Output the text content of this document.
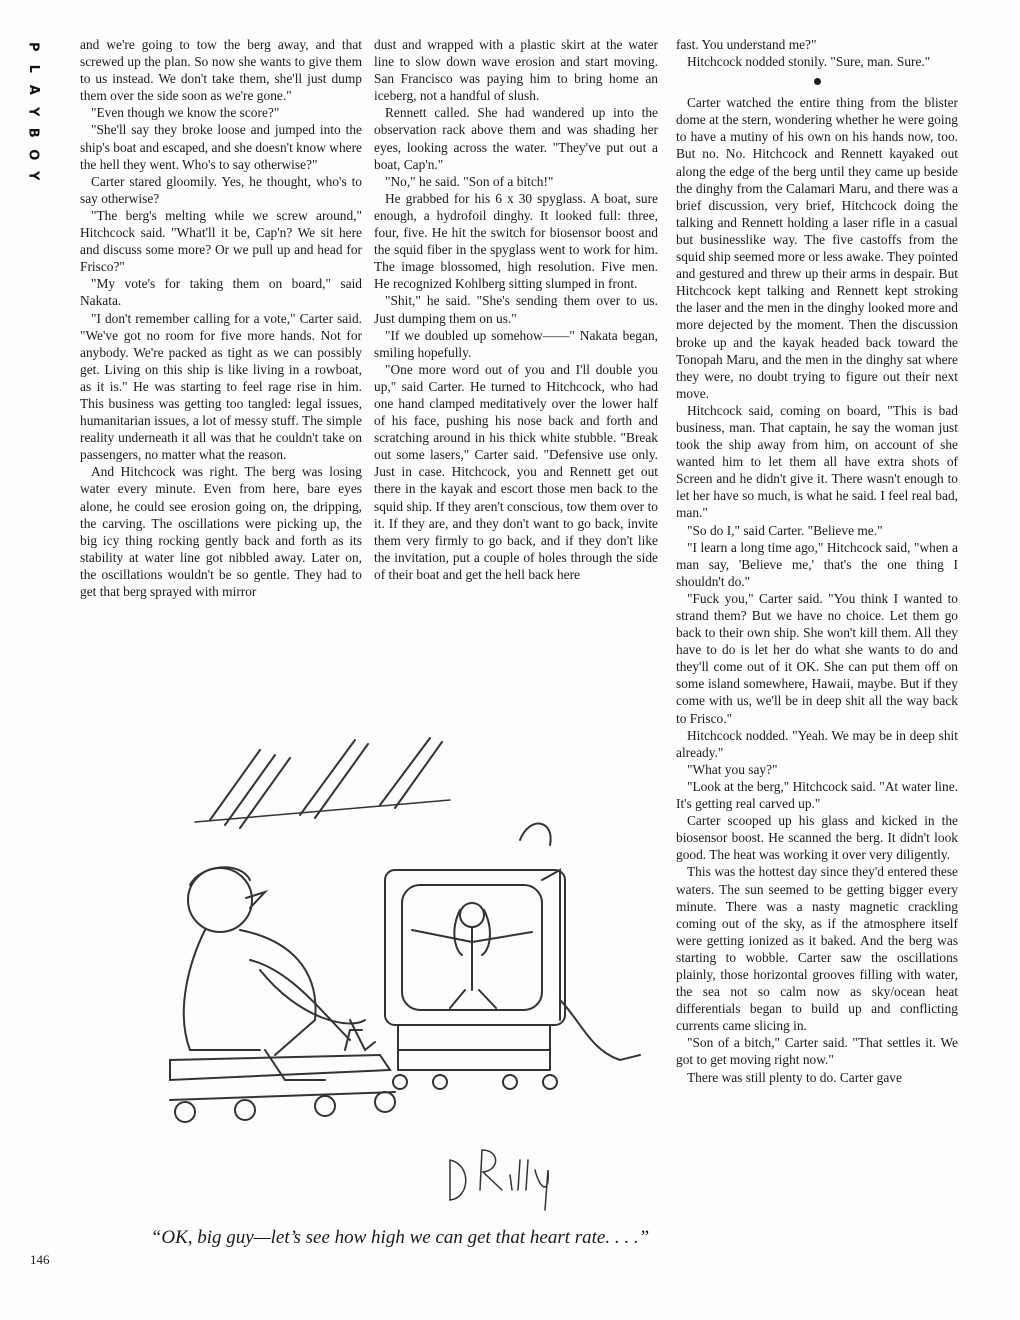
P
L
A
Y
B
O
Y

and we're going to tow the berg away, and that screwed up the plan. So now she wants to give them to us instead. We don't take them, she'll just dump them over the side soon as we're gone."

"Even though we know the score?"

"She'll say they broke loose and jumped into the ship's boat and escaped, and she doesn't know where the hell they went. Who's to say otherwise?"

Carter stared gloomily. Yes, he thought, who's to say otherwise?

"The berg's melting while we screw around," Hitchcock said. "What'll it be, Cap'n? We sit here and discuss some more? Or we pull up and head for Frisco?"

"My vote's for taking them on board," said Nakata.

"I don't remember calling for a vote," Carter said. "We've got no room for five more hands. Not for anybody. We're packed as tight as we can possibly get. Living on this ship is like living in a rowboat, as it is." He was starting to feel rage rise in him. This business was getting too tangled: legal issues, humanitarian issues, a lot of messy stuff. The simple reality underneath it all was that he couldn't take on passengers, no matter what the reason.

And Hitchcock was right. The berg was losing water every minute. Even from here, bare eyes alone, he could see erosion going on, the dripping, the carving. The oscillations were picking up, the big icy thing rocking gently back and forth as its stability at water line got nibbled away. Later on, the oscillations wouldn't be so gentle. They had to get that berg sprayed with mirror

dust and wrapped with a plastic skirt at the water line to slow down wave erosion and start moving. San Francisco was paying him to bring home an iceberg, not a handful of slush.

Rennett called. She had wandered up into the observation rack above them and was shading her eyes, looking across the water. "They've put out a boat, Cap'n."

"No," he said. "Son of a bitch!"

He grabbed for his 6 x 30 spyglass. A boat, sure enough, a hydrofoil dinghy. It looked full: three, four, five. He hit the switch for biosensor boost and the squid fiber in the spyglass went to work for him. The image blossomed, high resolution. Five men. He recognized Kohlberg sitting slumped in front.

"Shit," he said. "She's sending them over to us. Just dumping them on us."

"If we doubled up somehow——" Nakata began, smiling hopefully.

"One more word out of you and I'll double you up," said Carter. He turned to Hitchcock, who had one hand clamped meditatively over the lower half of his face, pushing his nose back and forth and scratching around in his thick white stubble. "Break out some lasers," Carter said. "Defensive use only. Just in case. Hitchcock, you and Rennett get out there in the kayak and escort those men back to the squid ship. If they aren't conscious, tow them over to it. If they are, and they don't want to go back, invite them very firmly to go back, and if they don't like the invitation, put a couple of holes through the side of their boat and get the hell back here

fast. You understand me?"

Hitchcock nodded stonily. "Sure, man. Sure."

Carter watched the entire thing from the blister dome at the stern, wondering whether he were going to have a mutiny of his own on his hands now, too. But no. No. Hitchcock and Rennett kayaked out along the edge of the berg until they came up beside the dinghy from the Calamari Maru, and there was a brief discussion, very brief, Hitchcock doing the talking and Rennett holding a laser rifle in a casual but businesslike way. The five castoffs from the squid ship seemed more or less awake. They pointed and gestured and threw up their arms in despair. But Hitchcock kept talking and Rennett kept stroking the laser and the men in the dinghy looked more and more dejected by the moment. Then the discussion broke up and the kayak headed back toward the Tonopah Maru, and the men in the dinghy sat where they were, no doubt trying to figure out their next move.

Hitchcock said, coming on board, "This is bad business, man. That captain, he say the woman just took the ship away from him, on account of she wanted him to let them all have extra shots of Screen and he didn't give it. There wasn't enough to let her have so much, is what he said. I feel real bad, man."

"So do I," said Carter. "Believe me."

"I learn a long time ago," Hitchcock said, "when a man say, 'Believe me,' that's the one thing I shouldn't do."

"Fuck you," Carter said. "You think I wanted to strand them? But we have no choice. Let them go back to their own ship. She won't kill them. All they have to do is let her do what she wants to do and they'll come out of it OK. She can put them off on some island somewhere, Hawaii, maybe. But if they come with us, we'll be in deep shit all the way back to Frisco."

Hitchcock nodded. "Yeah. We may be in deep shit already."

"What you say?"

"Look at the berg," Hitchcock said. "At water line. It's getting real carved up."

Carter scooped up his glass and kicked in the biosensor boost. He scanned the berg. It didn't look good. The heat was working it over very diligently.

This was the hottest day since they'd entered these waters. The sun seemed to be getting bigger every minute. There was a nasty magnetic crackling coming out of the sky, as if the atmosphere itself were getting ionized as it baked. And the berg was starting to wobble. Carter saw the oscillations plainly, those horizontal grooves filling with water, the sea not so calm now as sky/ocean heat differentials began to build up and conflicting currents came slicing in.

"Son of a bitch," Carter said. "That settles it. We got to get moving right now."

There was still plenty to do. Carter gave

“OK, big guy—let’s see how high we can get that heart rate. . . .”
146
